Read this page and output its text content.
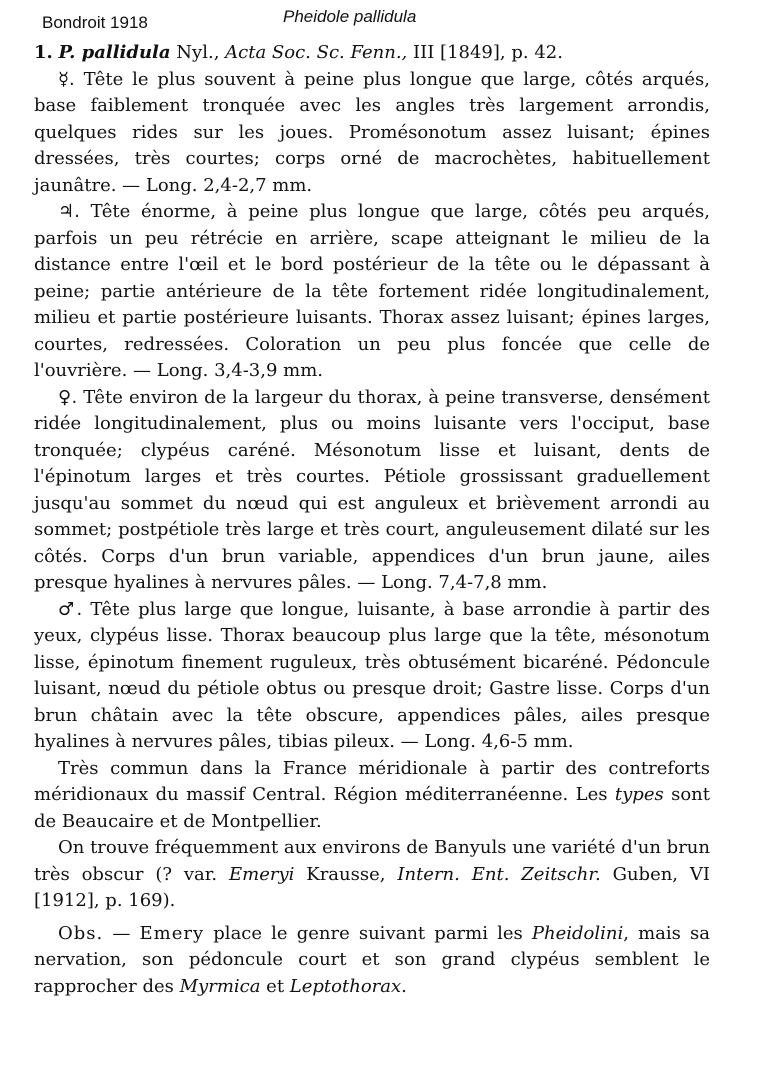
Bondroit 1918	Pheidole pallidula

1. P. pallidula Nyl., Acta Soc. Sc. Fenn., III [1849], p. 42.

☿. Tête le plus souvent à peine plus longue que large, côtés arqués, base faiblement tronquée avec les angles très largement arrondis, quelques rides sur les joues. Promésonotum assez luisant; épines dressées, très courtes; corps orné de macrochètes, habituellement jaunâtre. — Long. 2,4-2,7 mm.

♃. Tête énorme, à peine plus longue que large, côtés peu arqués, parfois un peu rétrécie en arrière, scape atteignant le milieu de la distance entre l'œil et le bord postérieur de la tête ou le dépassant à peine; partie antérieure de la tête fortement ridée longitudinalement, milieu et partie postérieure luisants. Thorax assez luisant; épines larges, courtes, redressées. Coloration un peu plus foncée que celle de l'ouvrière. — Long. 3,4-3,9 mm.

♀. Tête environ de la largeur du thorax, à peine transverse, densément ridée longitudinalement, plus ou moins luisante vers l'occiput, base tronquée; clypéus caréné. Mésonotum lisse et luisant, dents de l'épinotum larges et très courtes. Pétiole grossissant graduellement jusqu'au sommet du nœud qui est anguleux et brièvement arrondi au sommet; postpétiole très large et très court, anguleusement dilaté sur les côtés. Corps d'un brun variable, appendices d'un brun jaune, ailes presque hyalines à nervures pâles. — Long. 7,4-7,8 mm.

♂. Tête plus large que longue, luisante, à base arrondie à partir des yeux, clypéus lisse. Thorax beaucoup plus large que la tête, mésonotum lisse, épinotum finement ruguleux, très obtusément bicaréné. Pédoncule luisant, nœud du pétiole obtus ou presque droit; Gastre lisse. Corps d'un brun châtain avec la tête obscure, appendices pâles, ailes presque hyalines à nervures pâles, tibias pileux. — Long. 4,6-5 mm.

Très commun dans la France méridionale à partir des contreforts méridionaux du massif Central. Région méditerranéenne. Les types sont de Beaucaire et de Montpellier.

On trouve fréquemment aux environs de Banyuls une variété d'un brun très obscur (? var. Emeryi Krausse, Intern. Ent. Zeitschr. Guben, VI [1912], p. 169).

Obs. — Emery place le genre suivant parmi les Pheidolini, mais sa nervation, son pédoncule court et son grand clypéus semblent le rapprocher des Myrmica et Leptothorax.
